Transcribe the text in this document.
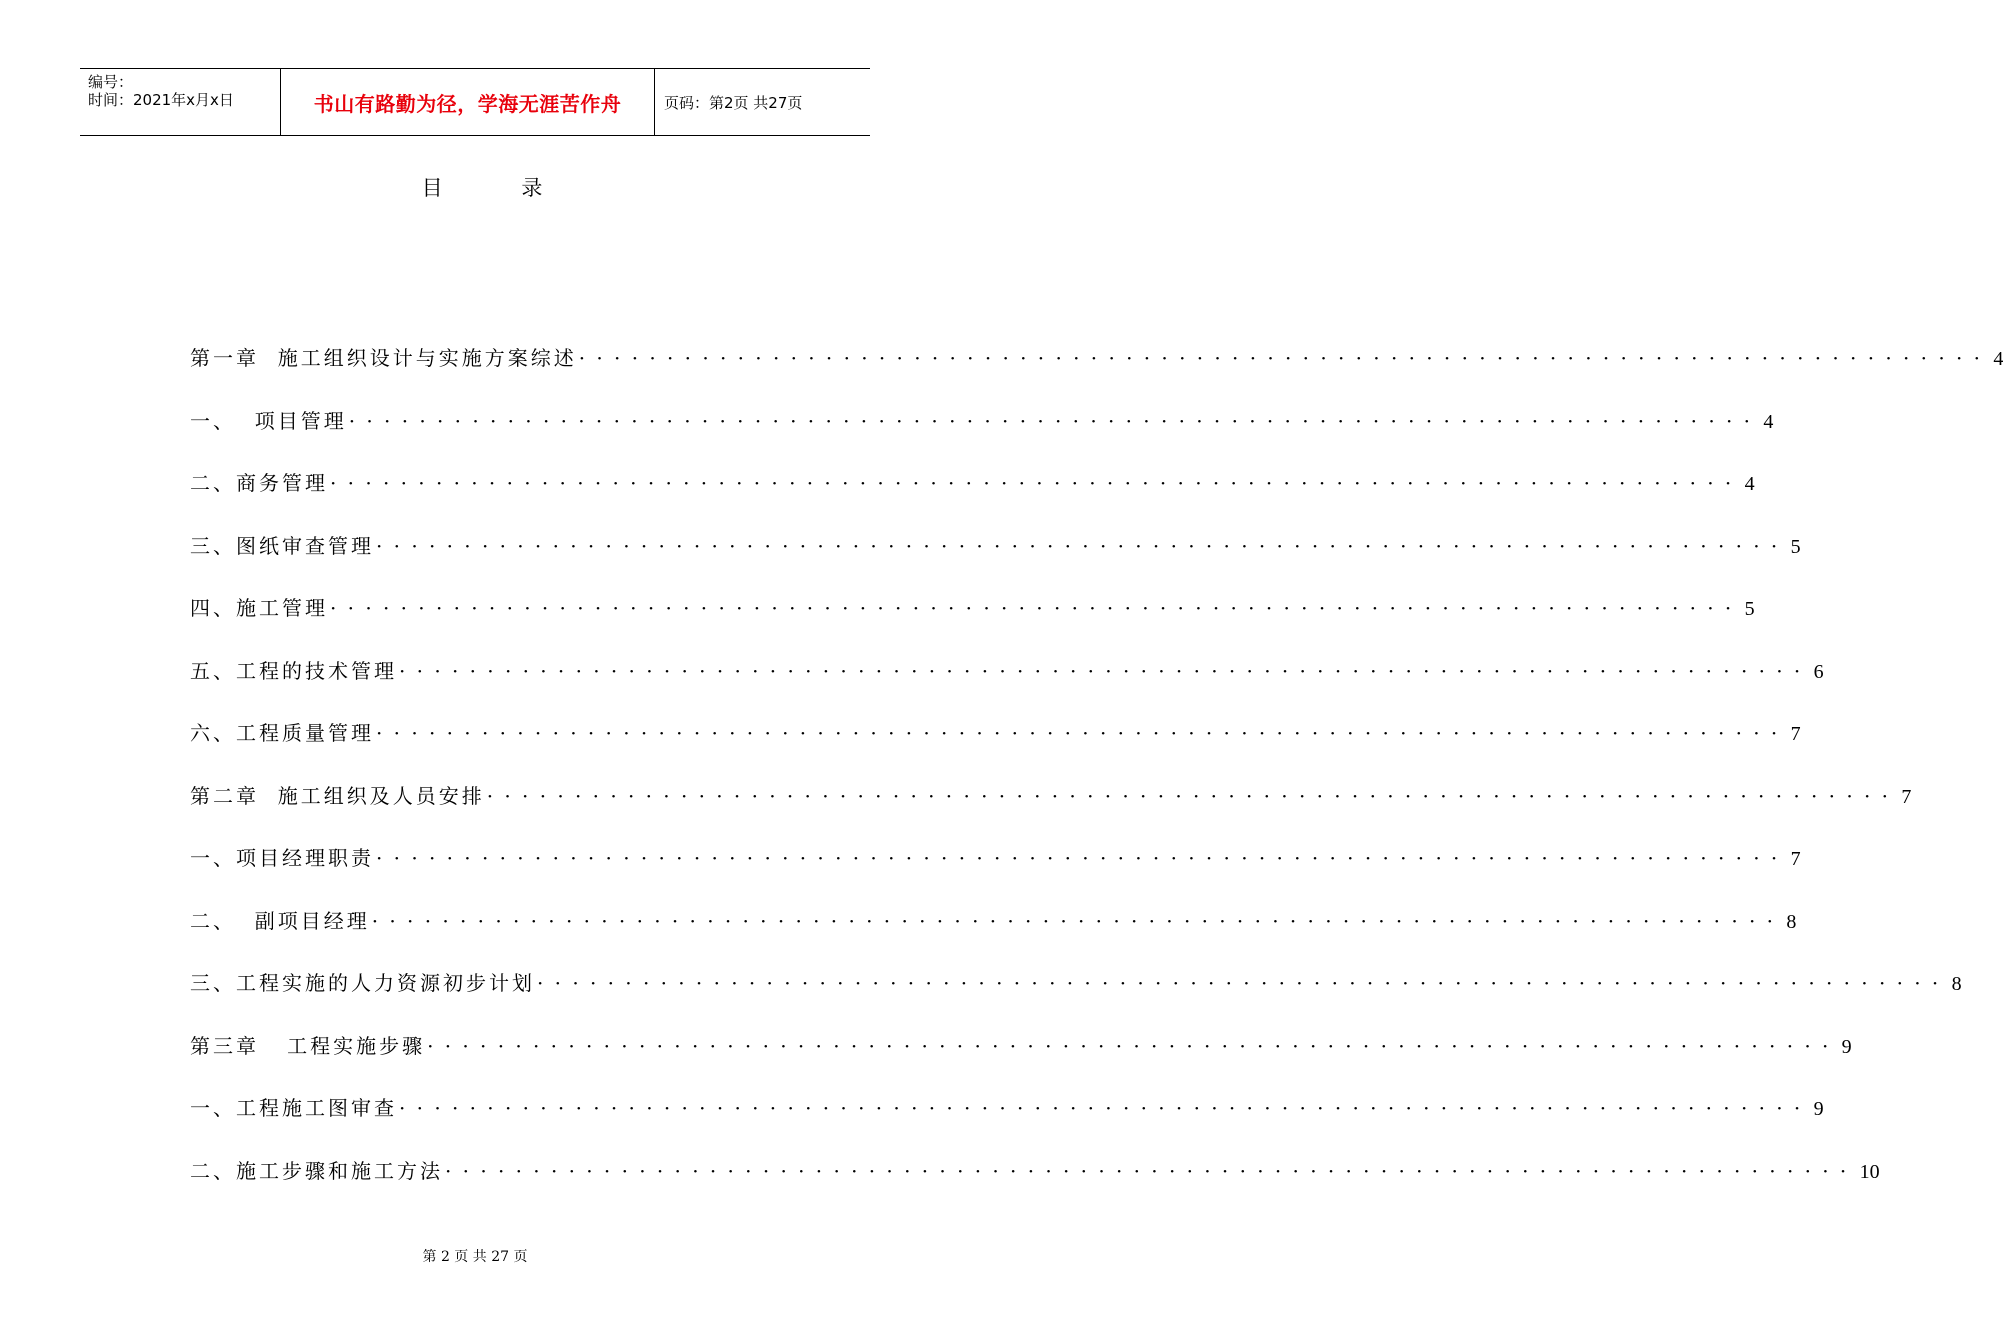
编号：
时间：2021年x月x日	书山有路勤为径，学海无涯苦作舟	页码：第2页 共27页
目 录
第一章  施工组织设计与实施方案综述 ················································································ 4
一、  项目管理 ················································································ 4
二、商务管理 ················································································ 4
三、图纸审查管理 ················································································ 5
四、施工管理 ················································································ 5
五、工程的技术管理 ················································································ 6
六、工程质量管理 ················································································ 7
第二章  施工组织及人员安排 ················································································ 7
一、项目经理职责 ················································································ 7
二、  副项目经理 ················································································ 8
三、工程实施的人力资源初步计划 ················································································ 8
第三章   工程实施步骤 ················································································ 9
一、工程施工图审查 ················································································ 9
二、施工步骤和施工方法 ················································································ 10
第 2 页 共 27 页
